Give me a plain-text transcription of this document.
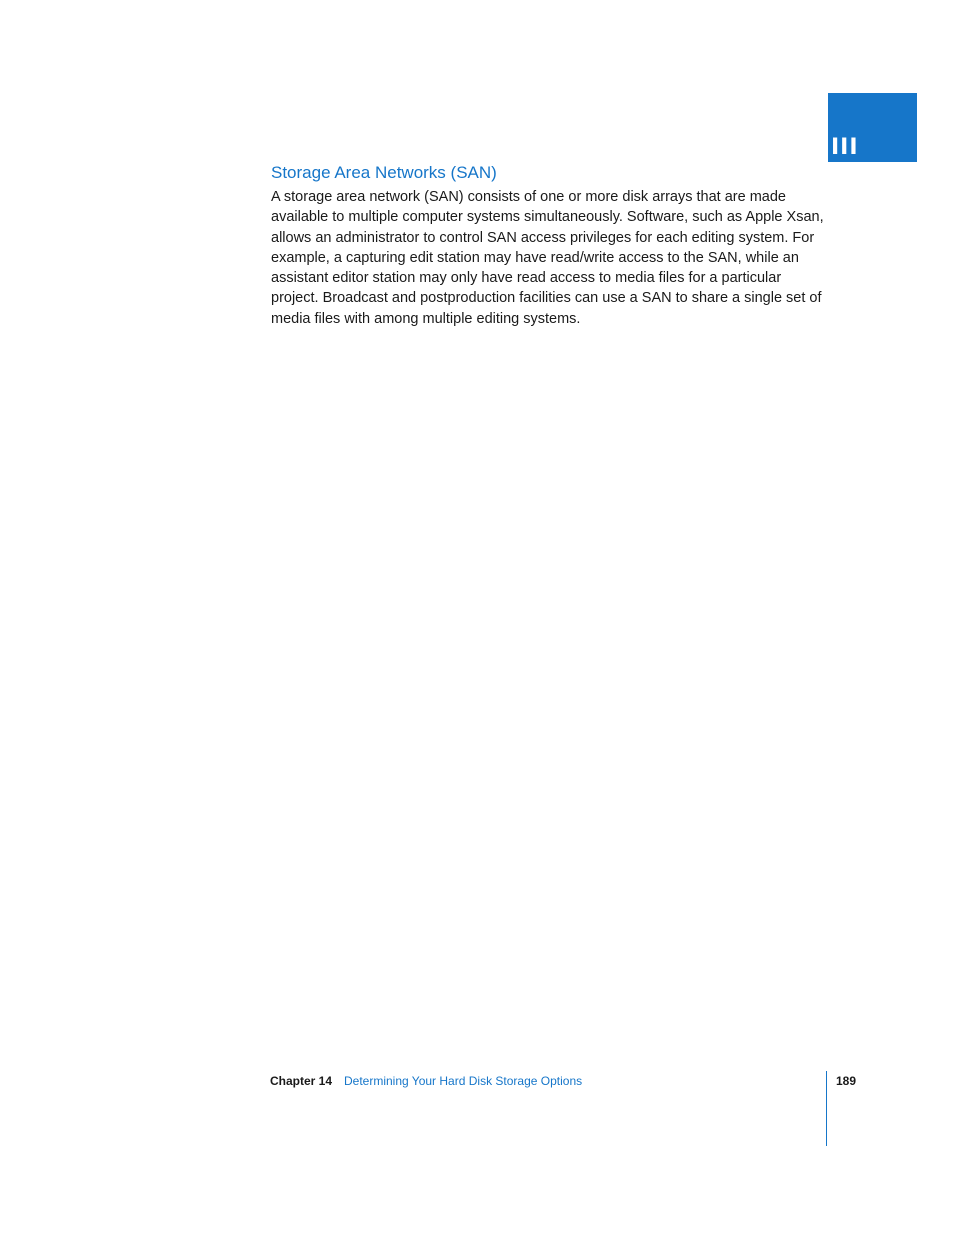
III
Storage Area Networks (SAN)

A storage area network (SAN) consists of one or more disk arrays that are made available to multiple computer systems simultaneously. Software, such as Apple Xsan, allows an administrator to control SAN access privileges for each editing system. For example, a capturing edit station may have read/write access to the SAN, while an assistant editor station may only have read access to media files for a particular project. Broadcast and postproduction facilities can use a SAN to share a single set of media files with among multiple editing systems.

Chapter 14 Determining Your Hard Disk Storage Options	189
